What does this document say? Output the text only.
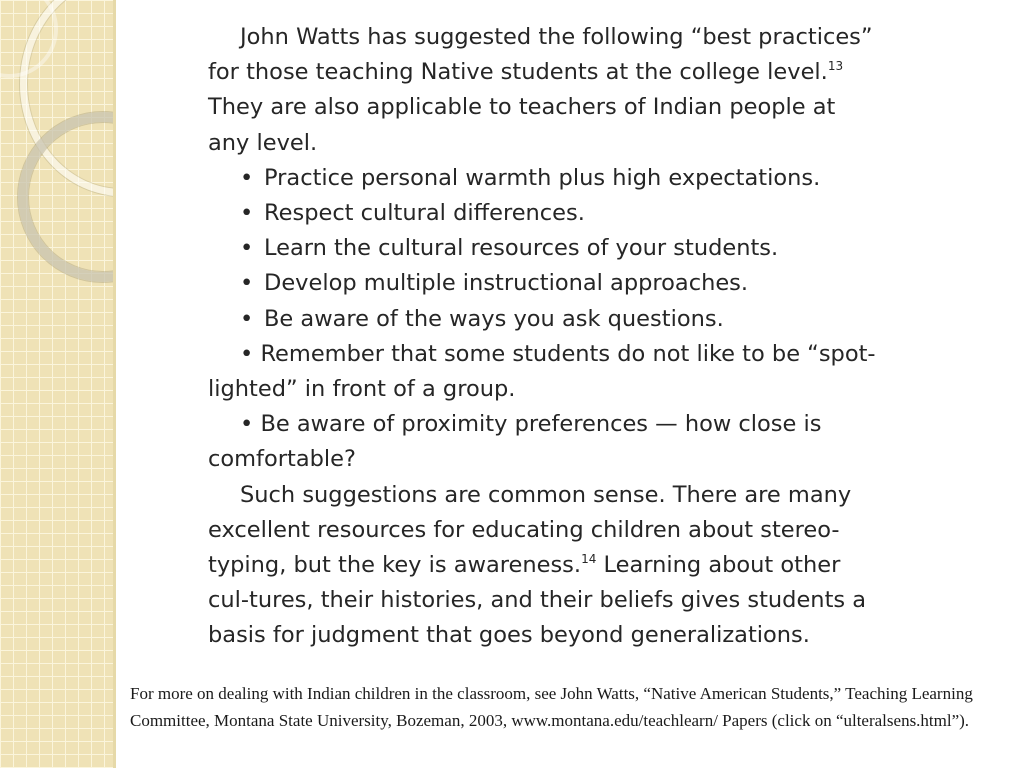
John Watts has suggested the following “best practices” for those teaching Native students at the college level.$^{13}$ They are also applicable to teachers of Indian people at any level.

• Practice personal warmth plus high expectations.

• Respect cultural differences.

• Learn the cultural resources of your students.

• Develop multiple instructional approaches.

• Be aware of the ways you ask questions.

• Remember that some students do not like to be “spot-lighted” in front of a group.

• Be aware of proximity preferences — how close is comfortable?

Such suggestions are common sense. There are many excellent resources for educating children about stereo-typing, but the key is awareness.$^{14}$ Learning about other cul-tures, their histories, and their beliefs gives students a basis for judgment that goes beyond generalizations.

For more on dealing with Indian children in the classroom, see John Watts, “Native American Students,” Teaching Learning Committee, Montana State University, Bozeman, 2003, www.montana.edu/teachlearn/ Papers (click on “ulteralsens.html”).
